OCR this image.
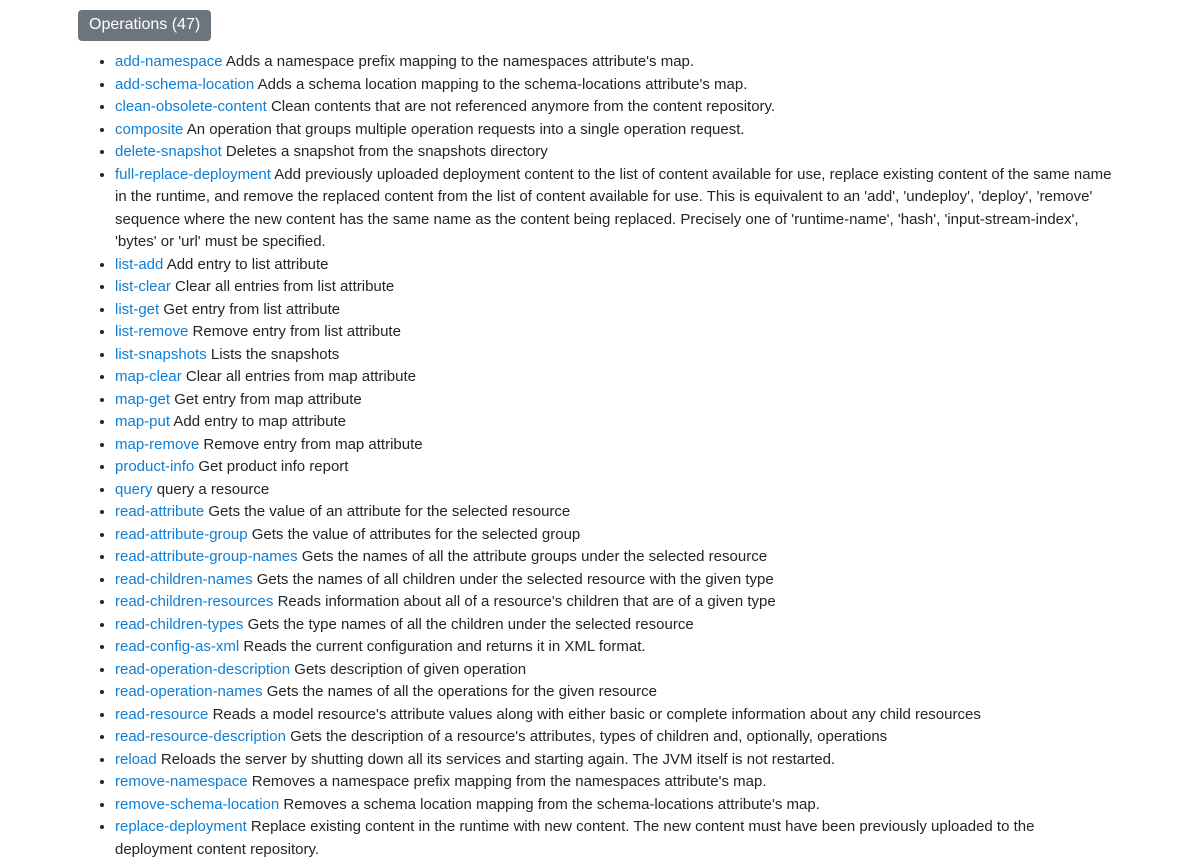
Operations (47)
• add-namespace Adds a namespace prefix mapping to the namespaces attribute's map.
• add-schema-location Adds a schema location mapping to the schema-locations attribute's map.
• clean-obsolete-content Clean contents that are not referenced anymore from the content repository.
• composite An operation that groups multiple operation requests into a single operation request.
• delete-snapshot Deletes a snapshot from the snapshots directory
• full-replace-deployment Add previously uploaded deployment content to the list of content available for use, replace existing content of the same name in the runtime, and remove the replaced content from the list of content available for use. This is equivalent to an 'add', 'undeploy', 'deploy', 'remove' sequence where the new content has the same name as the content being replaced. Precisely one of 'runtime-name', 'hash', 'input-stream-index', 'bytes' or 'url' must be specified.
• list-add Add entry to list attribute
• list-clear Clear all entries from list attribute
• list-get Get entry from list attribute
• list-remove Remove entry from list attribute
• list-snapshots Lists the snapshots
• map-clear Clear all entries from map attribute
• map-get Get entry from map attribute
• map-put Add entry to map attribute
• map-remove Remove entry from map attribute
• product-info Get product info report
• query query a resource
• read-attribute Gets the value of an attribute for the selected resource
• read-attribute-group Gets the value of attributes for the selected group
• read-attribute-group-names Gets the names of all the attribute groups under the selected resource
• read-children-names Gets the names of all children under the selected resource with the given type
• read-children-resources Reads information about all of a resource's children that are of a given type
• read-children-types Gets the type names of all the children under the selected resource
• read-config-as-xml Reads the current configuration and returns it in XML format.
• read-operation-description Gets description of given operation
• read-operation-names Gets the names of all the operations for the given resource
• read-resource Reads a model resource's attribute values along with either basic or complete information about any child resources
• read-resource-description Gets the description of a resource's attributes, types of children and, optionally, operations
• reload Reloads the server by shutting down all its services and starting again. The JVM itself is not restarted.
• remove-namespace Removes a namespace prefix mapping from the namespaces attribute's map.
• remove-schema-location Removes a schema location mapping from the schema-locations attribute's map.
• replace-deployment Replace existing content in the runtime with new content. The new content must have been previously uploaded to the deployment content repository.
